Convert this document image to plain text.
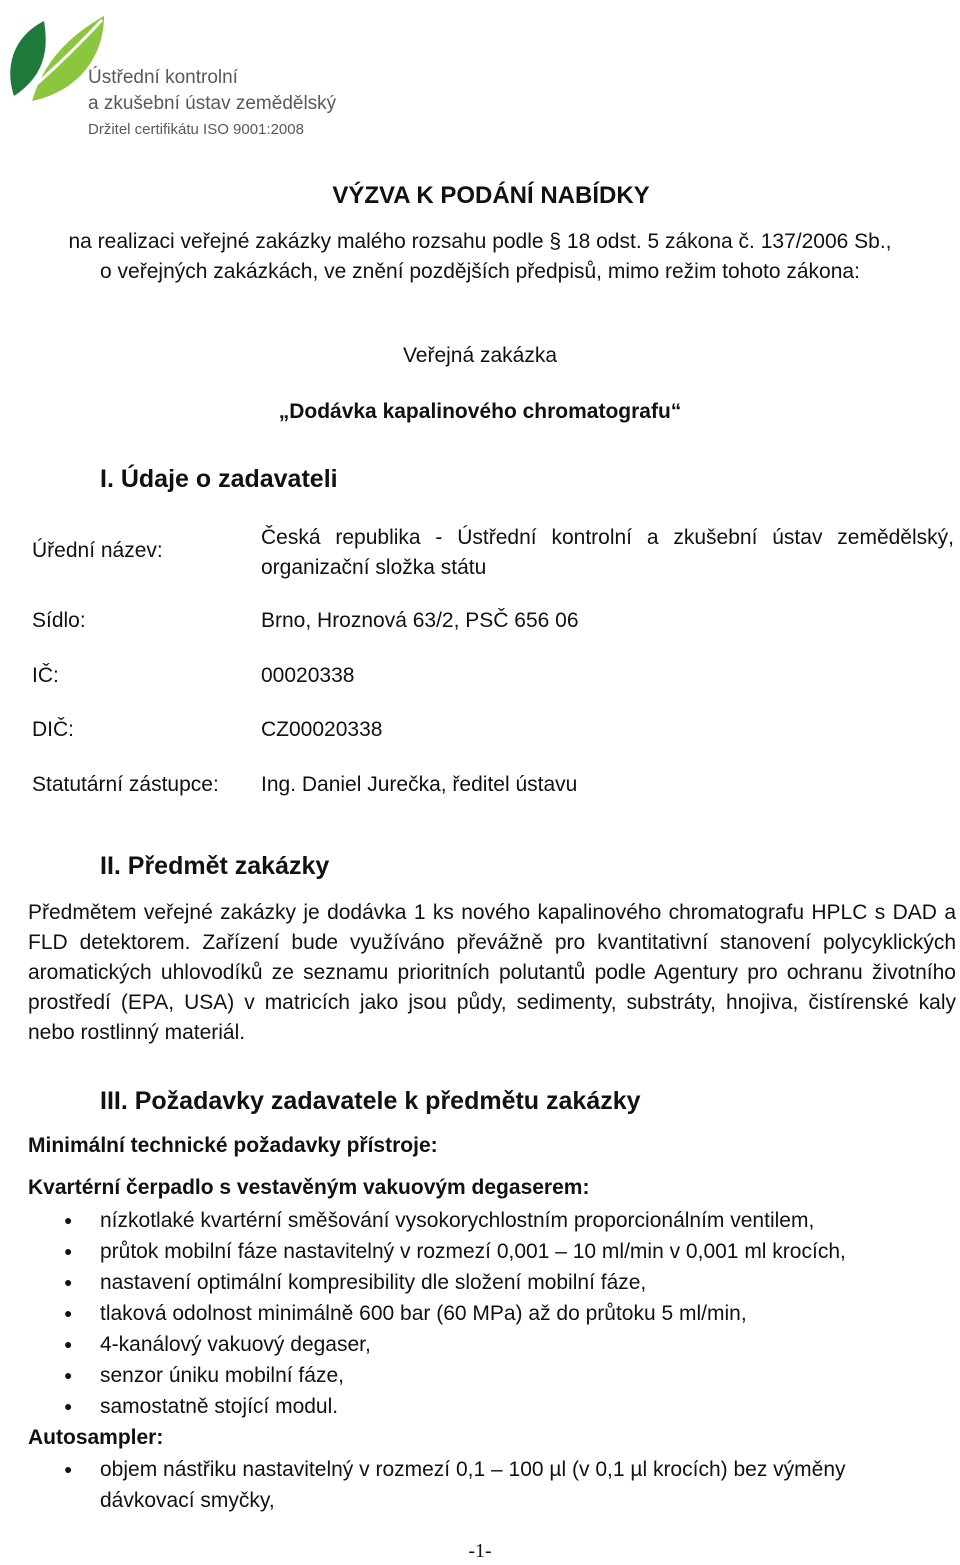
Ústřední kontrolní
a zkušební ústav zemědělský
Držitel certifikátu ISO 9001:2008
VÝZVA K PODÁNÍ NABÍDKY
na realizaci veřejné zakázky malého rozsahu podle § 18 odst. 5 zákona č. 137/2006 Sb.,
o veřejných zakázkách, ve znění pozdějších předpisů, mimo režim tohoto zákona:
Veřejná zakázka
„Dodávka kapalinového chromatografu“
I. Údaje o zadavateli
Úřední název:
Česká republika - Ústřední kontrolní a zkušební ústav zemědělský, organizační složka státu
Sídlo:	Brno, Hroznová 63/2, PSČ 656 06
IČ:	00020338
DIČ:	CZ00020338
Statutární zástupce: Ing. Daniel Jurečka, ředitel ústavu
II. Předmět zakázky
Předmětem veřejné zakázky je dodávka 1 ks nového kapalinového chromatografu HPLC s DAD a FLD detektorem. Zařízení bude využíváno převážně pro kvantitativní stanovení polycyklických aromatických uhlovodíků ze seznamu prioritních polutantů podle Agentury pro ochranu životního prostředí (EPA, USA) v matricích jako jsou půdy, sedimenty, substráty, hnojiva, čistírenské kaly nebo rostlinný materiál.
III. Požadavky zadavatele k předmětu zakázky
Minimální technické požadavky přístroje:
Kvartérní čerpadlo s vestavěným vakuovým degaserem:
● nízkotlaké kvartérní směšování vysokorychlostním proporcionálním ventilem,
● průtok mobilní fáze nastavitelný v rozmezí 0,001 – 10 ml/min v 0,001 ml krocích,
● nastavení optimální kompresibility dle složení mobilní fáze,
● tlaková odolnost minimálně 600 bar (60 MPa) až do průtoku 5 ml/min,
● 4-kanálový vakuový degaser,
● senzor úniku mobilní fáze,
● samostatně stojící modul.
Autosampler:
● objem nástřiku nastavitelný v rozmezí 0,1 – 100 µl (v 0,1 µl krocích) bez výměny dávkovací smyčky,
-1-
